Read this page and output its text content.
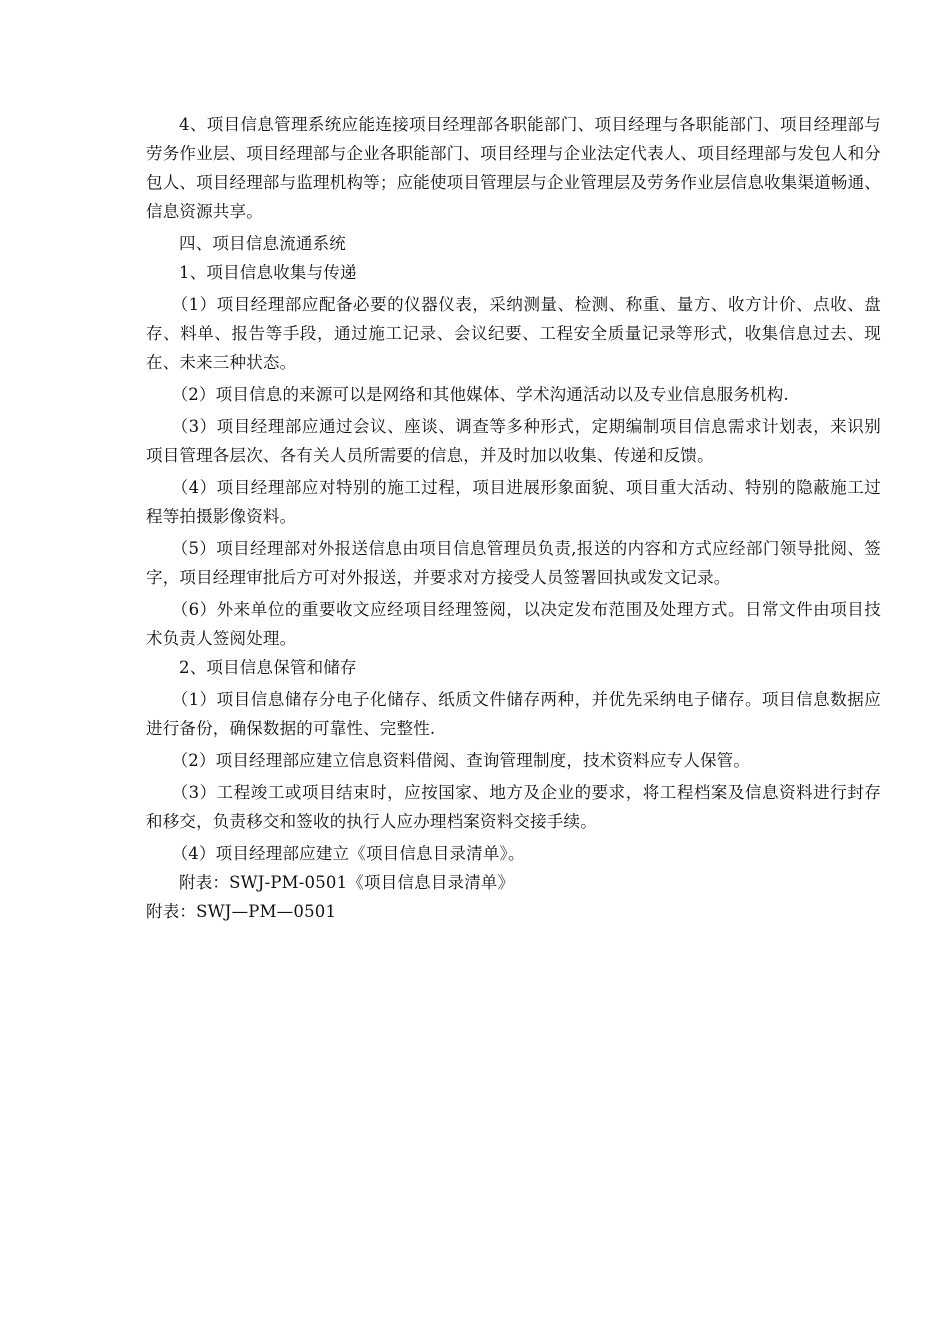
4、项目信息管理系统应能连接项目经理部各职能部门、项目经理与各职能部门、项目经理部与劳务作业层、项目经理部与企业各职能部门、项目经理与企业法定代表人、项目经理部与发包人和分包人、项目经理部与监理机构等；应能使项目管理层与企业管理层及劳务作业层信息收集渠道畅通、信息资源共享。

四、项目信息流通系统

1、项目信息收集与传递

（1）项目经理部应配备必要的仪器仪表，采纳测量、检测、称重、量方、收方计价、点收、盘存、料单、报告等手段，通过施工记录、会议纪要、工程安全质量记录等形式，收集信息过去、现在、未来三种状态。

（2）项目信息的来源可以是网络和其他媒体、学术沟通活动以及专业信息服务机构.

（3）项目经理部应通过会议、座谈、调查等多种形式，定期编制项目信息需求计划表，来识别项目管理各层次、各有关人员所需要的信息，并及时加以收集、传递和反馈。

（4）项目经理部应对特别的施工过程，项目进展形象面貌、项目重大活动、特别的隐蔽施工过程等拍摄影像资料。

（5）项目经理部对外报送信息由项目信息管理员负责,报送的内容和方式应经部门领导批阅、签字，项目经理审批后方可对外报送，并要求对方接受人员签署回执或发文记录。

（6）外来单位的重要收文应经项目经理签阅，以决定发布范围及处理方式。日常文件由项目技术负责人签阅处理。

2、项目信息保管和储存

（1）项目信息储存分电子化储存、纸质文件储存两种，并优先采纳电子储存。项目信息数据应进行备份，确保数据的可靠性、完整性.

（2）项目经理部应建立信息资料借阅、查询管理制度，技术资料应专人保管。

（3）工程竣工或项目结束时，应按国家、地方及企业的要求，将工程档案及信息资料进行封存和移交，负责移交和签收的执行人应办理档案资料交接手续。

（4）项目经理部应建立《项目信息目录清单》。

附表：SWJ-PM-0501《项目信息目录清单》

附表：SWJ—PM—0501
